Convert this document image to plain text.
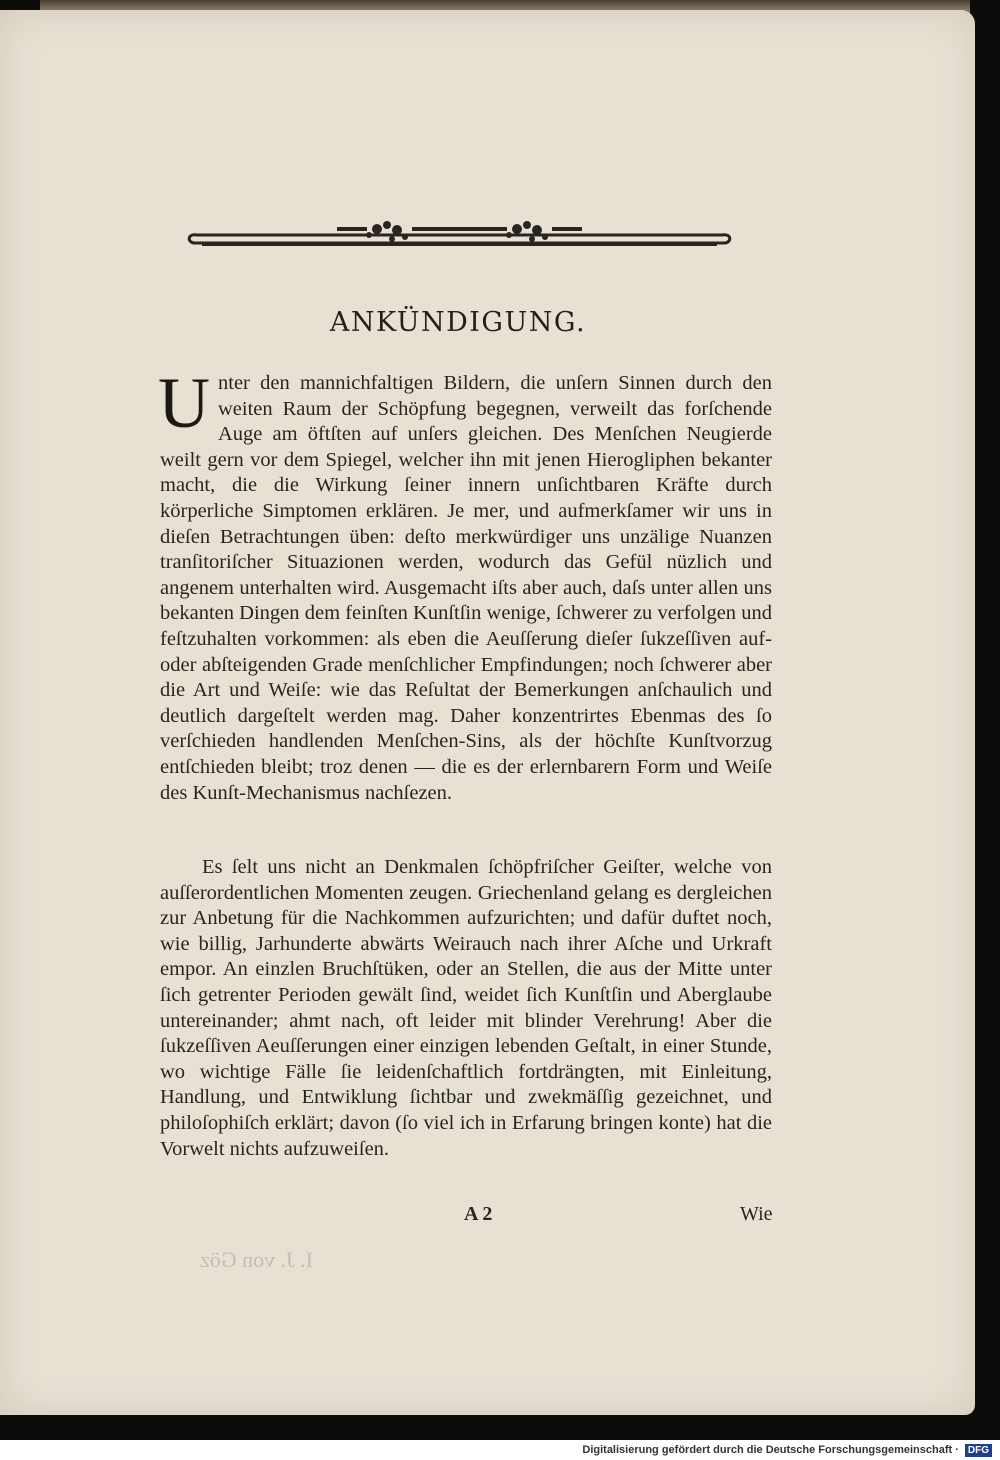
ANKÜNDIGUNG.

Unter den mannichfaltigen Bildern, die unſern Sinnen durch den weiten Raum der Schöpfung begegnen, verweilt das forſchende Auge am öftſten auf unſers gleichen. Des Menſchen Neugierde weilt gern vor dem Spiegel, welcher ihn mit jenen Hierogliphen bekanter macht, die die Wirkung ſeiner innern unſichtbaren Kräfte durch körperliche Simptomen erklären. Je mer, und aufmerkſamer wir uns in dieſen Betrachtungen üben: deſto merkwürdiger uns unzälige Nuanzen tranſitoriſcher Situazionen werden, wodurch das Gefül nüzlich und angenem unterhalten wird. Ausgemacht iſts aber auch, daſs unter allen uns bekanten Dingen dem feinſten Kunſtſin wenige, ſchwerer zu verfolgen und feſtzuhalten vorkommen: als eben die Aeuſſerung dieſer ſukzeſſiven auf- oder abſteigenden Grade menſchlicher Empfindungen; noch ſchwerer aber die Art und Weiſe: wie das Reſultat der Bemerkungen anſchaulich und deutlich dargeſtelt werden mag. Daher konzentrirtes Ebenmas des ſo verſchieden handlenden Menſchen-Sins, als der höchſte Kunſtvorzug entſchieden bleibt; troz denen — die es der erlernbarern Form und Weiſe des Kunſt-Mechanismus nachſezen.

Es ſelt uns nicht an Denkmalen ſchöpfriſcher Geiſter, welche von auſſerordentlichen Momenten zeugen. Griechenland gelang es dergleichen zur Anbetung für die Nachkommen aufzurichten; und dafür duftet noch, wie billig, Jarhunderte abwärts Weirauch nach ihrer Aſche und Urkraft empor. An einzlen Bruchſtüken, oder an Stellen, die aus der Mitte unter ſich getrenter Perioden gewält ſind, weidet ſich Kunſtſin und Aberglaube untereinander; ahmt nach, oft leider mit blinder Verehrung! Aber die ſukzeſſiven Aeuſſerungen einer einzigen lebenden Geſtalt, in einer Stunde, wo wichtige Fälle ſie leidenſchaftlich fortdrängten, mit Einleitung, Handlung, und Entwiklung ſichtbar und zwekmäſſig gezeichnet, und philoſophiſch erklärt; davon (ſo viel ich in Erfarung bringen konte) hat die Vorwelt nichts aufzuweiſen.

A 2	Wie
I. J. von Göz
Digitalisierung gefördert durch die Deutsche Forschungsgemeinschaft · DFG
